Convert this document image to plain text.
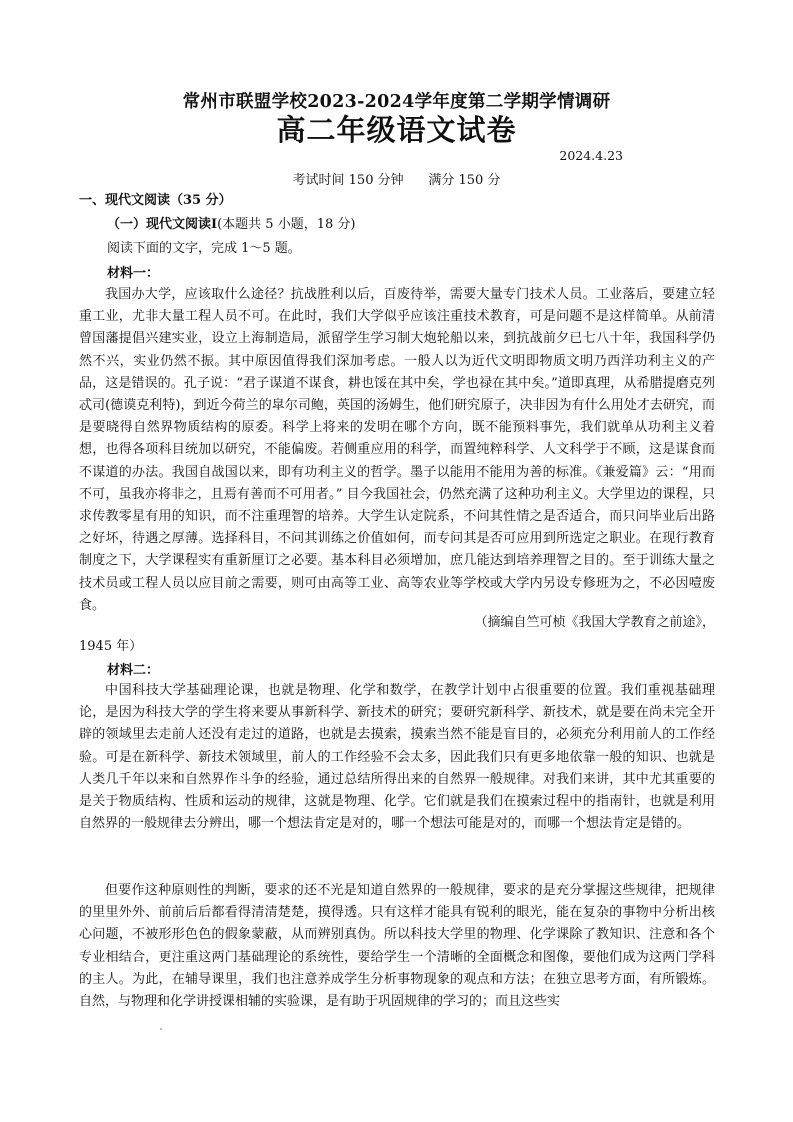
常州市联盟学校2023-2024学年度第二学期学情调研
高二年级语文试卷
2024.4.23
考试时间 150 分钟      满分 150 分
一、现代文阅读（35 分）
（一）现代文阅读Ⅰ(本题共 5 小题，18 分)
阅读下面的文字，完成 1～5 题。
材料一：

我国办大学，应该取什么途径？抗战胜利以后，百废待举，需要大量专门技术人员。工业落后，要建立轻重工业，尤非大量工程人员不可。在此时，我们大学似乎应该注重技术教育，可是问题不是这样简单。从前清曾国藩提倡兴建实业，设立上海制造局，派留学生学习制大炮轮船以来，到抗战前夕已七八十年，我国科学仍然不兴，实业仍然不振。其中原因值得我们深加考虑。一般人以为近代文明即物质文明乃西洋功利主义的产品，这是错误的。孔子说：“君子谋道不谋食，耕也馁在其中矣，学也禄在其中矣。”道即真理，从希腊提磨克列忒司(德谟克利特)，到近今荷兰的皐尔司鲍，英国的汤姆生，他们研究原子，决非因为有什么用处才去研究，而是要晓得自然界物质结构的原委。科学上将来的发明在哪个方向，既不能预料事先，我们就单从功利主义着想，也得各项科目统加以研究，不能偏废。若侧重应用的科学，而置纯粹科学、人文科学于不顾，这是谋食而不谋道的办法。我国自战国以来，即有功利主义的哲学。墨子以能用不能用为善的标准。《兼爱篇》云：“用而不可，虽我亦将非之，且焉有善而不可用者。” 目今我国社会，仍然充满了这种功利主义。大学里边的课程，只求传教零星有用的知识，而不注重理智的培养。大学生认定院系，不问其性情之是否适合，而只问毕业后出路之好坏，待遇之厚薄。选择科目，不问其训练之价值如何，而专问其是否可应用到所选定之职业。在现行教育制度之下，大学课程实有重新厘订之必要。基本科目必须增加，庶几能达到培养理智之目的。至于训练大量之技术员或工程人员以应目前之需要，则可由高等工业、高等农业等学校或大学内另设专修班为之，不必因噎废食。

（摘编自竺可桢《我国大学教育之前途》，

1945 年）
材料二：

中国科技大学基础理论课，也就是物理、化学和数学，在教学计划中占很重要的位置。我们重视基础理论，是因为科技大学的学生将来要从事新科学、新技术的研究；要研究新科学、新技术，就是要在尚未完全开辟的领域里去走前人还没有走过的道路，也就是去摸索，摸索当然不能是盲目的，必须充分利用前人的工作经验。可是在新科学、新技术领域里，前人的工作经验不会太多，因此我们只有更多地依靠一般的知识、也就是人类几千年以来和自然界作斗争的经验，通过总结所得出来的自然界一般规律。对我们来讲，其中尤其重要的是关于物质结构、性质和运动的规律，这就是物理、化学。它们就是我们在摸索过程中的指南针，也就是利用自然界的一般规律去分辨出，哪一个想法肯定是对的，哪一个想法可能是对的，而哪一个想法肯定是错的。

但要作这种原则性的判断，要求的还不光是知道自然界的一般规律，要求的是充分掌握这些规律，把规律的里里外外、前前后后都看得清清楚楚，摸得透。只有这样才能具有锐利的眼光，能在复杂的事物中分析出核心问题，不被形形色色的假象蒙蔽，从而辨别真伪。所以科技大学里的物理、化学课除了教知识、注意和各个专业相结合，更注重这两门基础理论的系统性，要给学生一个清晰的全面概念和图像，要他们成为这两门学科的主人。为此，在辅导课里，我们也注意养成学生分析事物现象的观点和方法；在独立思考方面，有所锻炼。自然，与物理和化学讲授课相辅的实验课，是有助于巩固规律的学习的；而且这些实
